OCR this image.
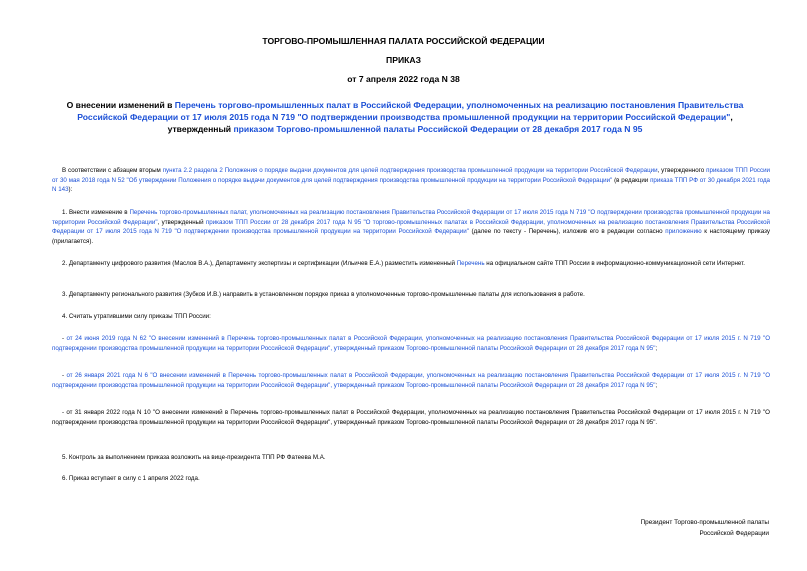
ТОРГОВО-ПРОМЫШЛЕННАЯ ПАЛАТА РОССИЙСКОЙ ФЕДЕРАЦИИ

ПРИКАЗ

от 7 апреля 2022 года N 38

О внесении изменений в Перечень торгово-промышленных палат в Российской Федерации, уполномоченных на реализацию постановления Правительства Российской Федерации от 17 июля 2015 года N 719 "О подтверждении производства промышленной продукции на территории Российской Федерации", утвержденный приказом Торгово-промышленной палаты Российской Федерации от 28 декабря 2017 года N 95

В соответствии с абзацем вторым пункта 2.2 раздела 2 Положения о порядке выдачи документов для целей подтверждения производства промышленной продукции на территории Российской Федерации, утвержденного приказом ТПП России от 30 мая 2018 года N 52 "Об утверждении Положения о порядке выдачи документов для целей подтверждения производства промышленной продукции на территории Российской Федерации" (в редакции приказа ТПП РФ от 30 декабря 2021 года N 143):

1. Внести изменение в Перечень торгово-промышленных палат, уполномоченных на реализацию постановления Правительства Российской Федерации от 17 июля 2015 года N 719 "О подтверждении производства промышленной продукции на территории Российской Федерации", утвержденный приказом ТПП России от 28 декабря 2017 года N 95 "О торгово-промышленных палатах в Российской Федерации, уполномоченных на реализацию постановления Правительства Российской Федерации от 17 июля 2015 года N 719 "О подтверждении производства промышленной продукции на территории Российской Федерации" (далее по тексту - Перечень), изложив его в редакции согласно приложению к настоящему приказу (прилагается).

2. Департаменту цифрового развития (Маслов В.А.), Департаменту экспертизы и сертификации (Ильичев Е.А.) разместить измененный Перечень на официальном сайте ТПП России в информационно-коммуникационной сети Интернет.

3. Департаменту регионального развития (Зубков И.В.) направить в установленном порядке приказ в уполномоченные торгово-промышленные палаты для использования в работе.

4. Считать утратившими силу приказы ТПП России:

- от 24 июня 2019 года N 62 "О внесении изменений в Перечень торгово-промышленных палат в Российской Федерации, уполномоченных на реализацию постановления Правительства Российской Федерации от 17 июля 2015 г. N 719 "О подтверждении производства промышленной продукции на территории Российской Федерации", утвержденный приказом Торгово-промышленной палаты Российской Федерации от 28 декабря 2017 года N 95";

- от 26 января 2021 года N 6 "О внесении изменений в Перечень торгово-промышленных палат в Российской Федерации, уполномоченных на реализацию постановления Правительства Российской Федерации от 17 июля 2015 г. N 719 "О подтверждении производства промышленной продукции на территории Российской Федерации", утвержденный приказом Торгово-промышленной палаты Российской Федерации от 28 декабря 2017 года N 95";

- от 31 января 2022 года N 10 "О внесении изменений в Перечень торгово-промышленных палат в Российской Федерации, уполномоченных на реализацию постановления Правительства Российской Федерации от 17 июля 2015 г. N 719 "О подтверждении производства промышленной продукции на территории Российской Федерации", утвержденный приказом Торгово-промышленной палаты Российской Федерации от 28 декабря 2017 года N 95".

5. Контроль за выполнением приказа возложить на вице-президента ТПП РФ Фатеева М.А.

6. Приказ вступает в силу с 1 апреля 2022 года.

Президент Торгово-промышленной палаты

Российской Федерации
